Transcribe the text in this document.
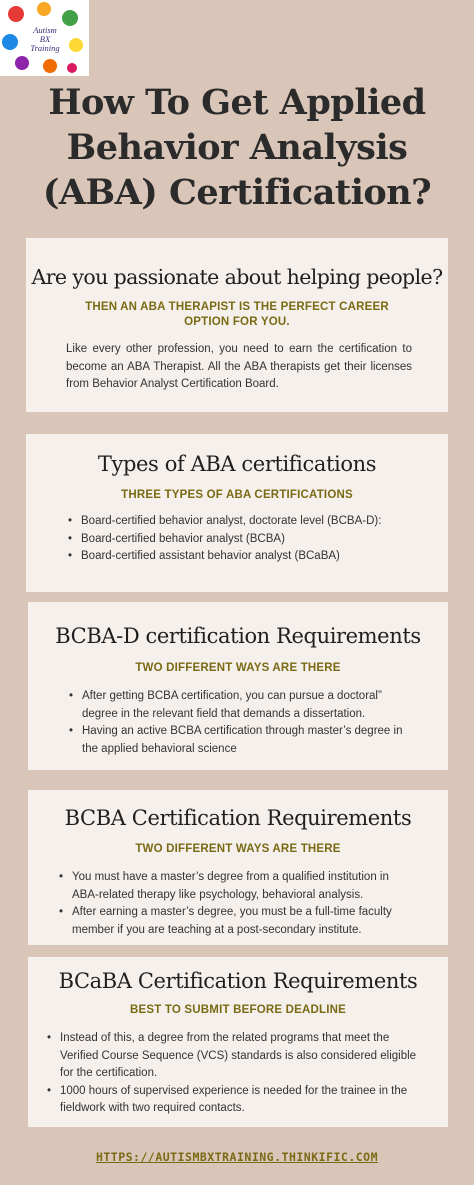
Autism
BX
Training
How To Get Applied Behavior Analysis (ABA) Certification?
Are you passionate about helping people?
THEN AN ABA THERAPIST IS THE PERFECT CAREER OPTION FOR YOU.

Like every other profession, you need to earn the certification to become an ABA Therapist. All the ABA therapists get their licenses from Behavior Analyst Certification Board.

Types of ABA certifications
THREE TYPES OF ABA CERTIFICATIONS
• Board-certified behavior analyst, doctorate level (BCBA-D):
• Board-certified behavior analyst (BCBA)
• Board-certified assistant behavior analyst (BCaBA)
BCBA-D certification Requirements
TWO DIFFERENT WAYS ARE THERE
• After getting BCBA certification, you can pursue a doctoral” degree in the relevant field that demands a dissertation.
• Having an active BCBA certification through master’s degree in the applied behavioral science
BCBA Certification Requirements
TWO DIFFERENT WAYS ARE THERE
• You must have a master’s degree from a qualified institution in ABA-related therapy like psychology, behavioral analysis.
• After earning a master’s degree, you must be a full-time faculty member if you are teaching at a post-secondary institute.
BCaBA Certification Requirements
BEST TO SUBMIT BEFORE DEADLINE
• Instead of this, a degree from the related programs that meet the Verified Course Sequence (VCS) standards is also considered eligible for the certification.
• 1000 hours of supervised experience is needed for the trainee in the fieldwork with two required contacts.
HTTPS://AUTISMBXTRAINING.THINKIFIC.COM
